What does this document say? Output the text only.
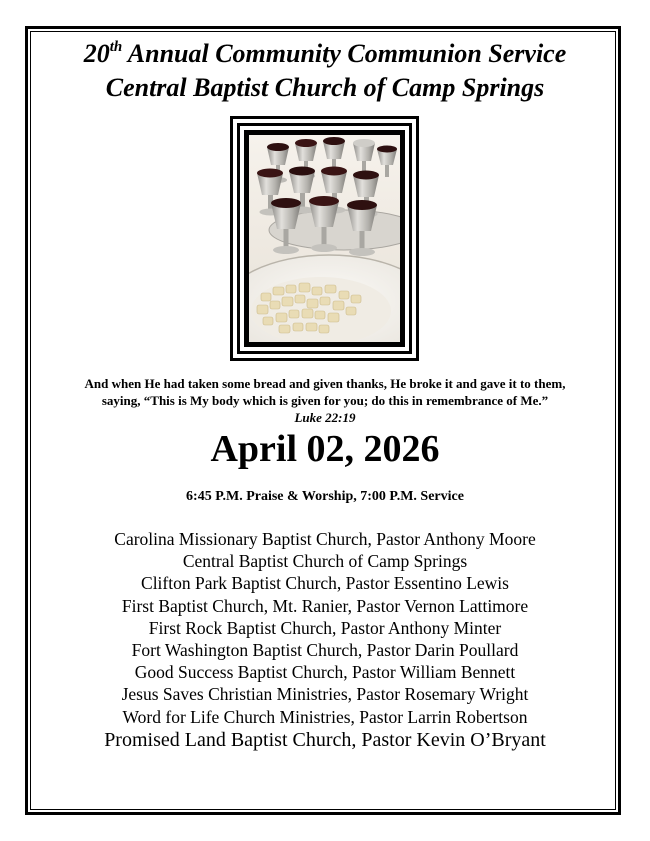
20th Annual Community Communion Service
Central Baptist Church of Camp Springs
And when He had taken some bread and given thanks, He broke it and gave it to them,
saying, “This is My body which is given for you; do this in remembrance of Me.”
Luke 22:19
April 02, 2026
6:45 P.M. Praise & Worship, 7:00 P.M. Service
Carolina Missionary Baptist Church, Pastor Anthony Moore
Central Baptist Church of Camp Springs
Clifton Park Baptist Church, Pastor Essentino Lewis
First Baptist Church, Mt. Ranier, Pastor Vernon Lattimore
First Rock Baptist Church, Pastor Anthony Minter
Fort Washington Baptist Church, Pastor Darin Poullard
Good Success Baptist Church, Pastor William Bennett
Jesus Saves Christian Ministries, Pastor Rosemary Wright
Word for Life Church Ministries, Pastor Larrin Robertson
Promised Land Baptist Church, Pastor Kevin O’Bryant
